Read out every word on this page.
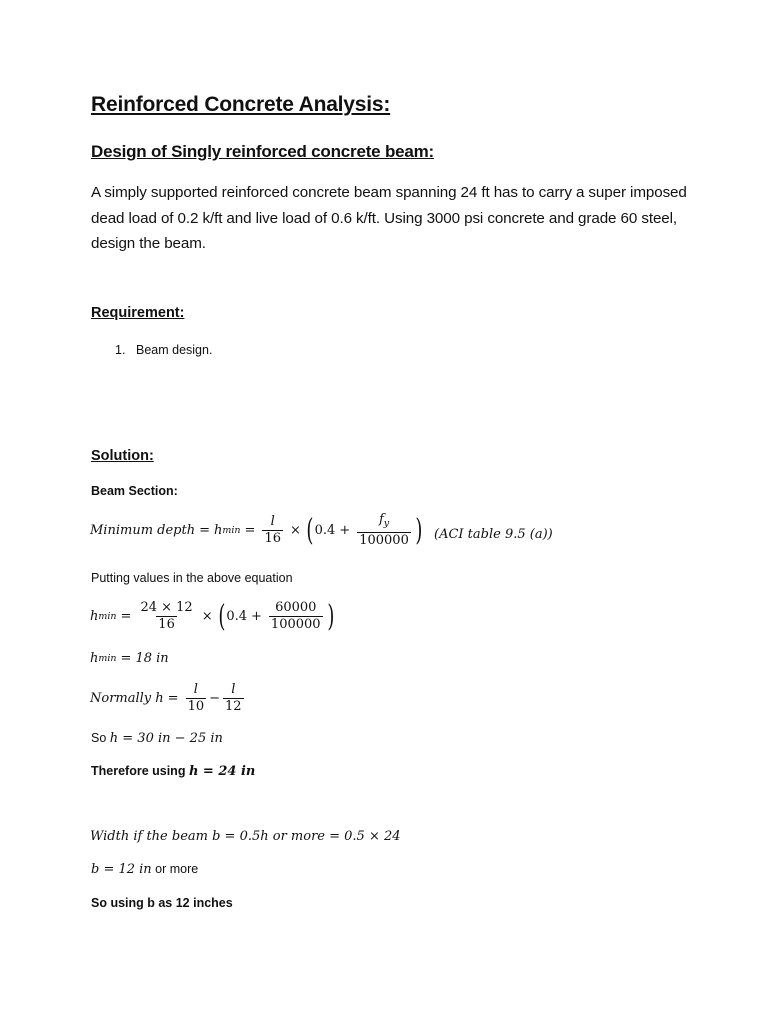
Reinforced Concrete Analysis:
Design of Singly reinforced concrete beam:
A simply supported reinforced concrete beam spanning 24 ft has to carry a super imposed dead load of 0.2 k/ft and live load of 0.6 k/ft. Using 3000 psi concrete and grade 60 steel, design the beam.
Requirement:
1. Beam design.
Solution:
Beam Section:
Minimum depth = h $\min = \frac{l}{16}$ × ( $0.4 + \frac{f_y}{100000}$ ) (ACI table 9.5 (a))
Putting values in the above equation
h $\min = \frac{24 \times 12}{16}$ × ( $0.4 + \frac{60000}{100000}$ )
h min = 18 in
Normally $h = \frac{l}{10} - \frac{l}{12}$
So
h = 30 in − 25 in
Therefore using
h = 24 in
Width if the beam b = 0.5h or more = 0.5 × 24
b = 12 in
or more
So using b as 12 inches
